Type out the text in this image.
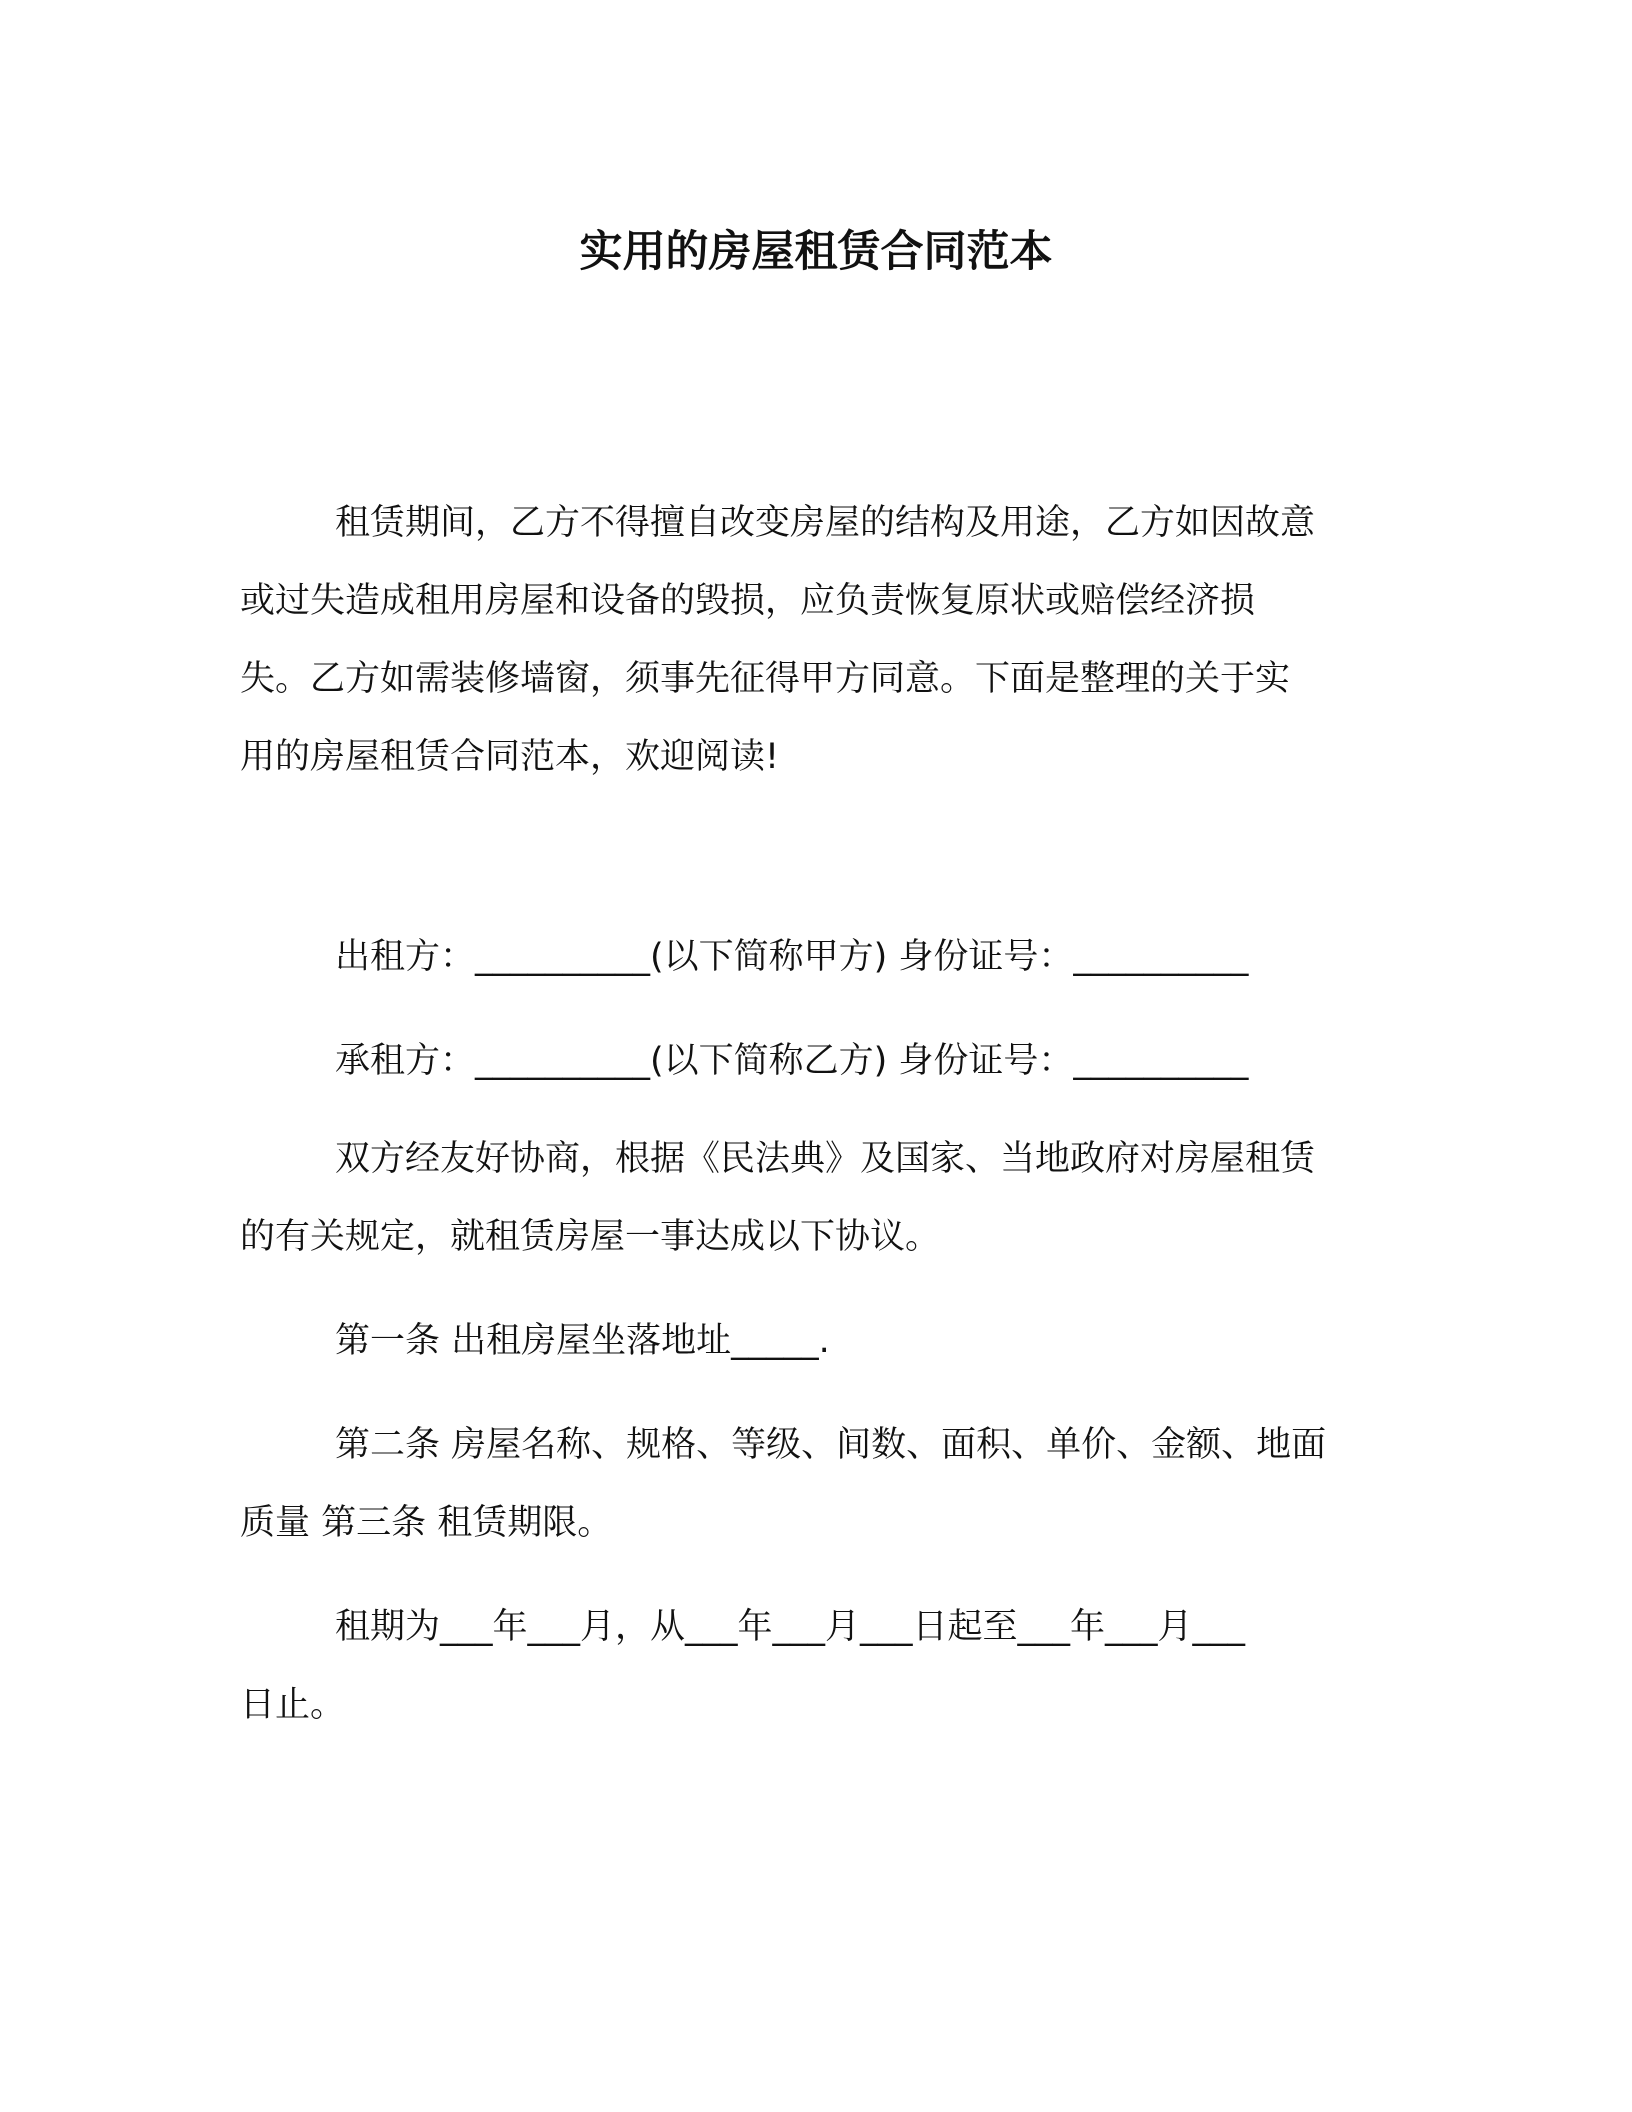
实用的房屋租赁合同范本
租赁期间，乙方不得擅自改变房屋的结构及用途，乙方如因故意
或过失造成租用房屋和设备的毁损，应负责恢复原状或赔偿经济损
失。乙方如需装修墙窗，须事先征得甲方同意。下面是整理的关于实
用的房屋租赁合同范本，欢迎阅读!
出租方：__________(以下简称甲方) 身份证号：__________
承租方：__________(以下简称乙方) 身份证号：__________
双方经友好协商，根据《民法典》及国家、当地政府对房屋租赁
的有关规定，就租赁房屋一事达成以下协议。
第一条 出租房屋坐落地址_____.
第二条 房屋名称、规格、等级、间数、面积、单价、金额、地面
质量 第三条 租赁期限。
租期为___年___月，从___年___月___日起至___年___月___
日止。
